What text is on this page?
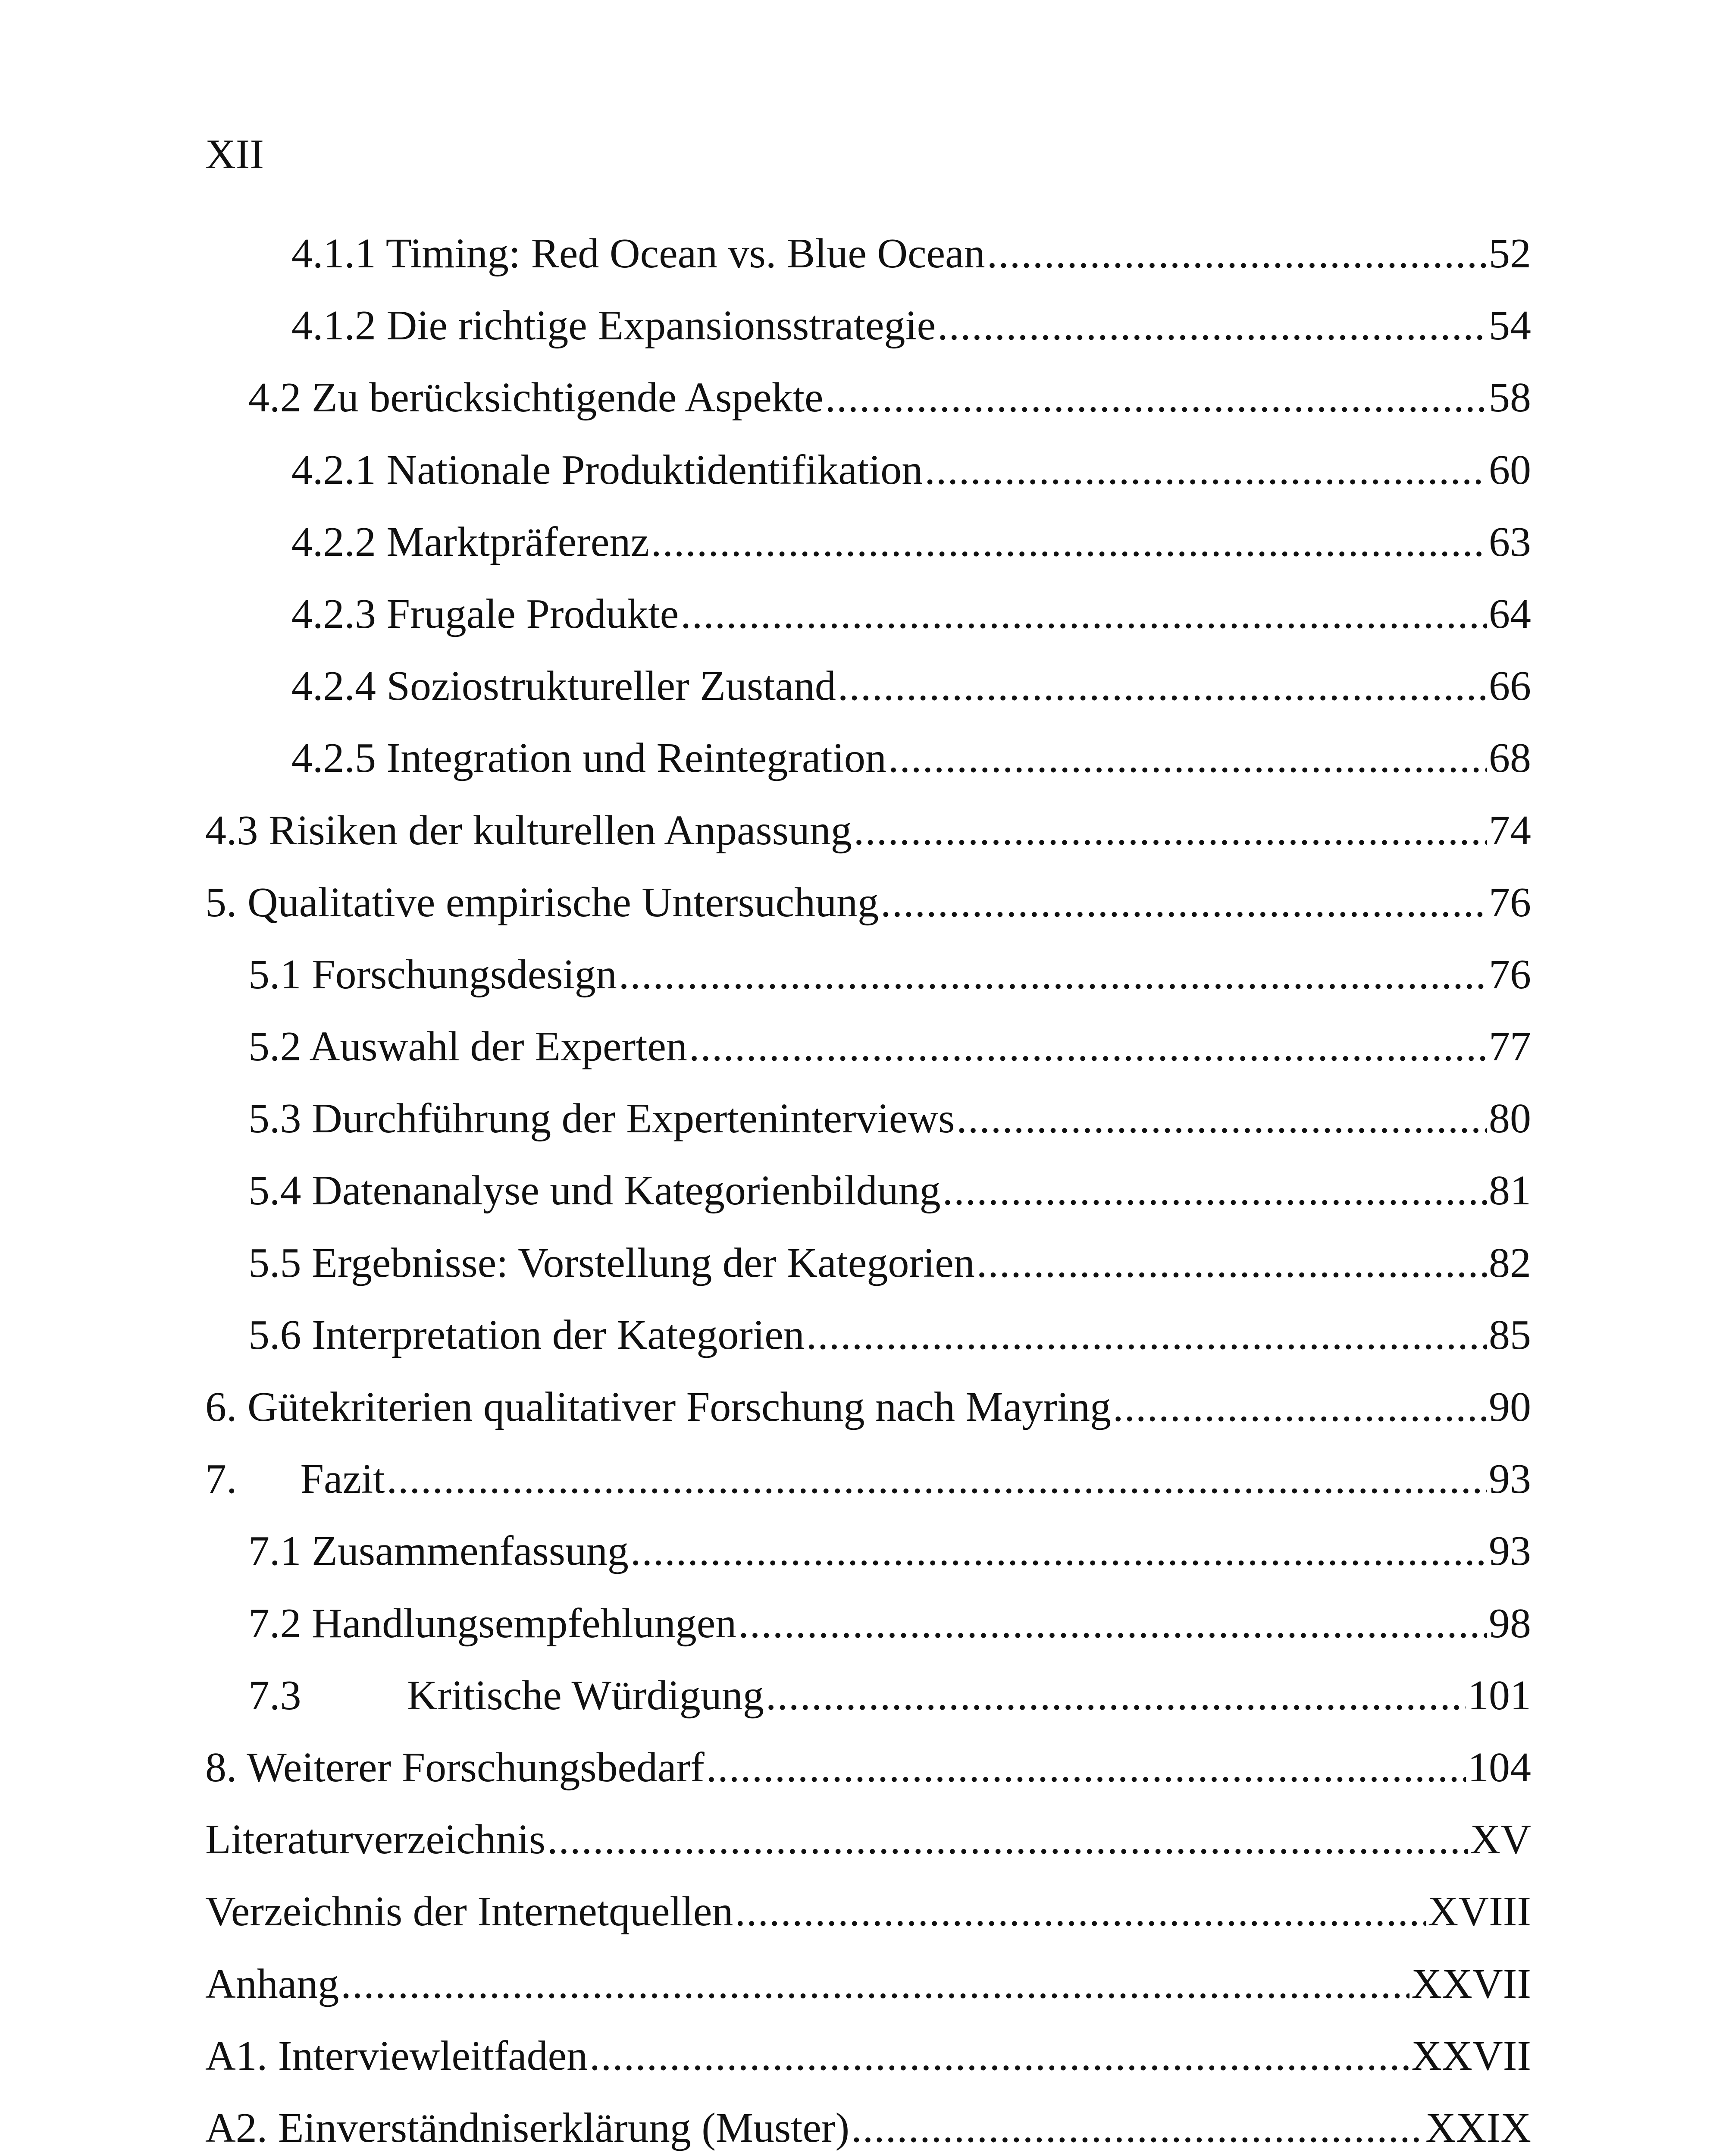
XII
4.1.1 Timing: Red Ocean vs. Blue Ocean .....	52
4.1.2 Die richtige Expansionsstrategie .....	54
4.2 Zu berücksichtigende Aspekte .....	58
4.2.1 Nationale Produktidentifikation .....	60
4.2.2 Marktpräferenz .....	63
4.2.3 Frugale Produkte .....	64
4.2.4 Soziostruktureller Zustand .....	66
4.2.5 Integration und Reintegration .....	68
4.3 Risiken der kulturellen Anpassung .....	74
5. Qualitative empirische Untersuchung .....	76
5.1 Forschungsdesign .....	76
5.2 Auswahl der Experten .....	77
5.3 Durchführung der Experteninterviews .....	80
5.4 Datenanalyse und Kategorienbildung .....	81
5.5 Ergebnisse: Vorstellung der Kategorien .....	82
5.6 Interpretation der Kategorien .....	85
6. Gütekriterien qualitativer Forschung nach Mayring .....	90
7.  Fazit .....	93
7.1 Zusammenfassung .....	93
7.2 Handlungsempfehlungen .....	98
7.3   Kritische Würdigung .....	101
8. Weiterer Forschungsbedarf .....	104
Literaturverzeichnis .....	XV
Verzeichnis der Internetquellen .....	XVIII
Anhang .....	XXVII
A1. Interviewleitfaden .....	XXVII
A2. Einverständniserklärung (Muster) .....	XXIX
